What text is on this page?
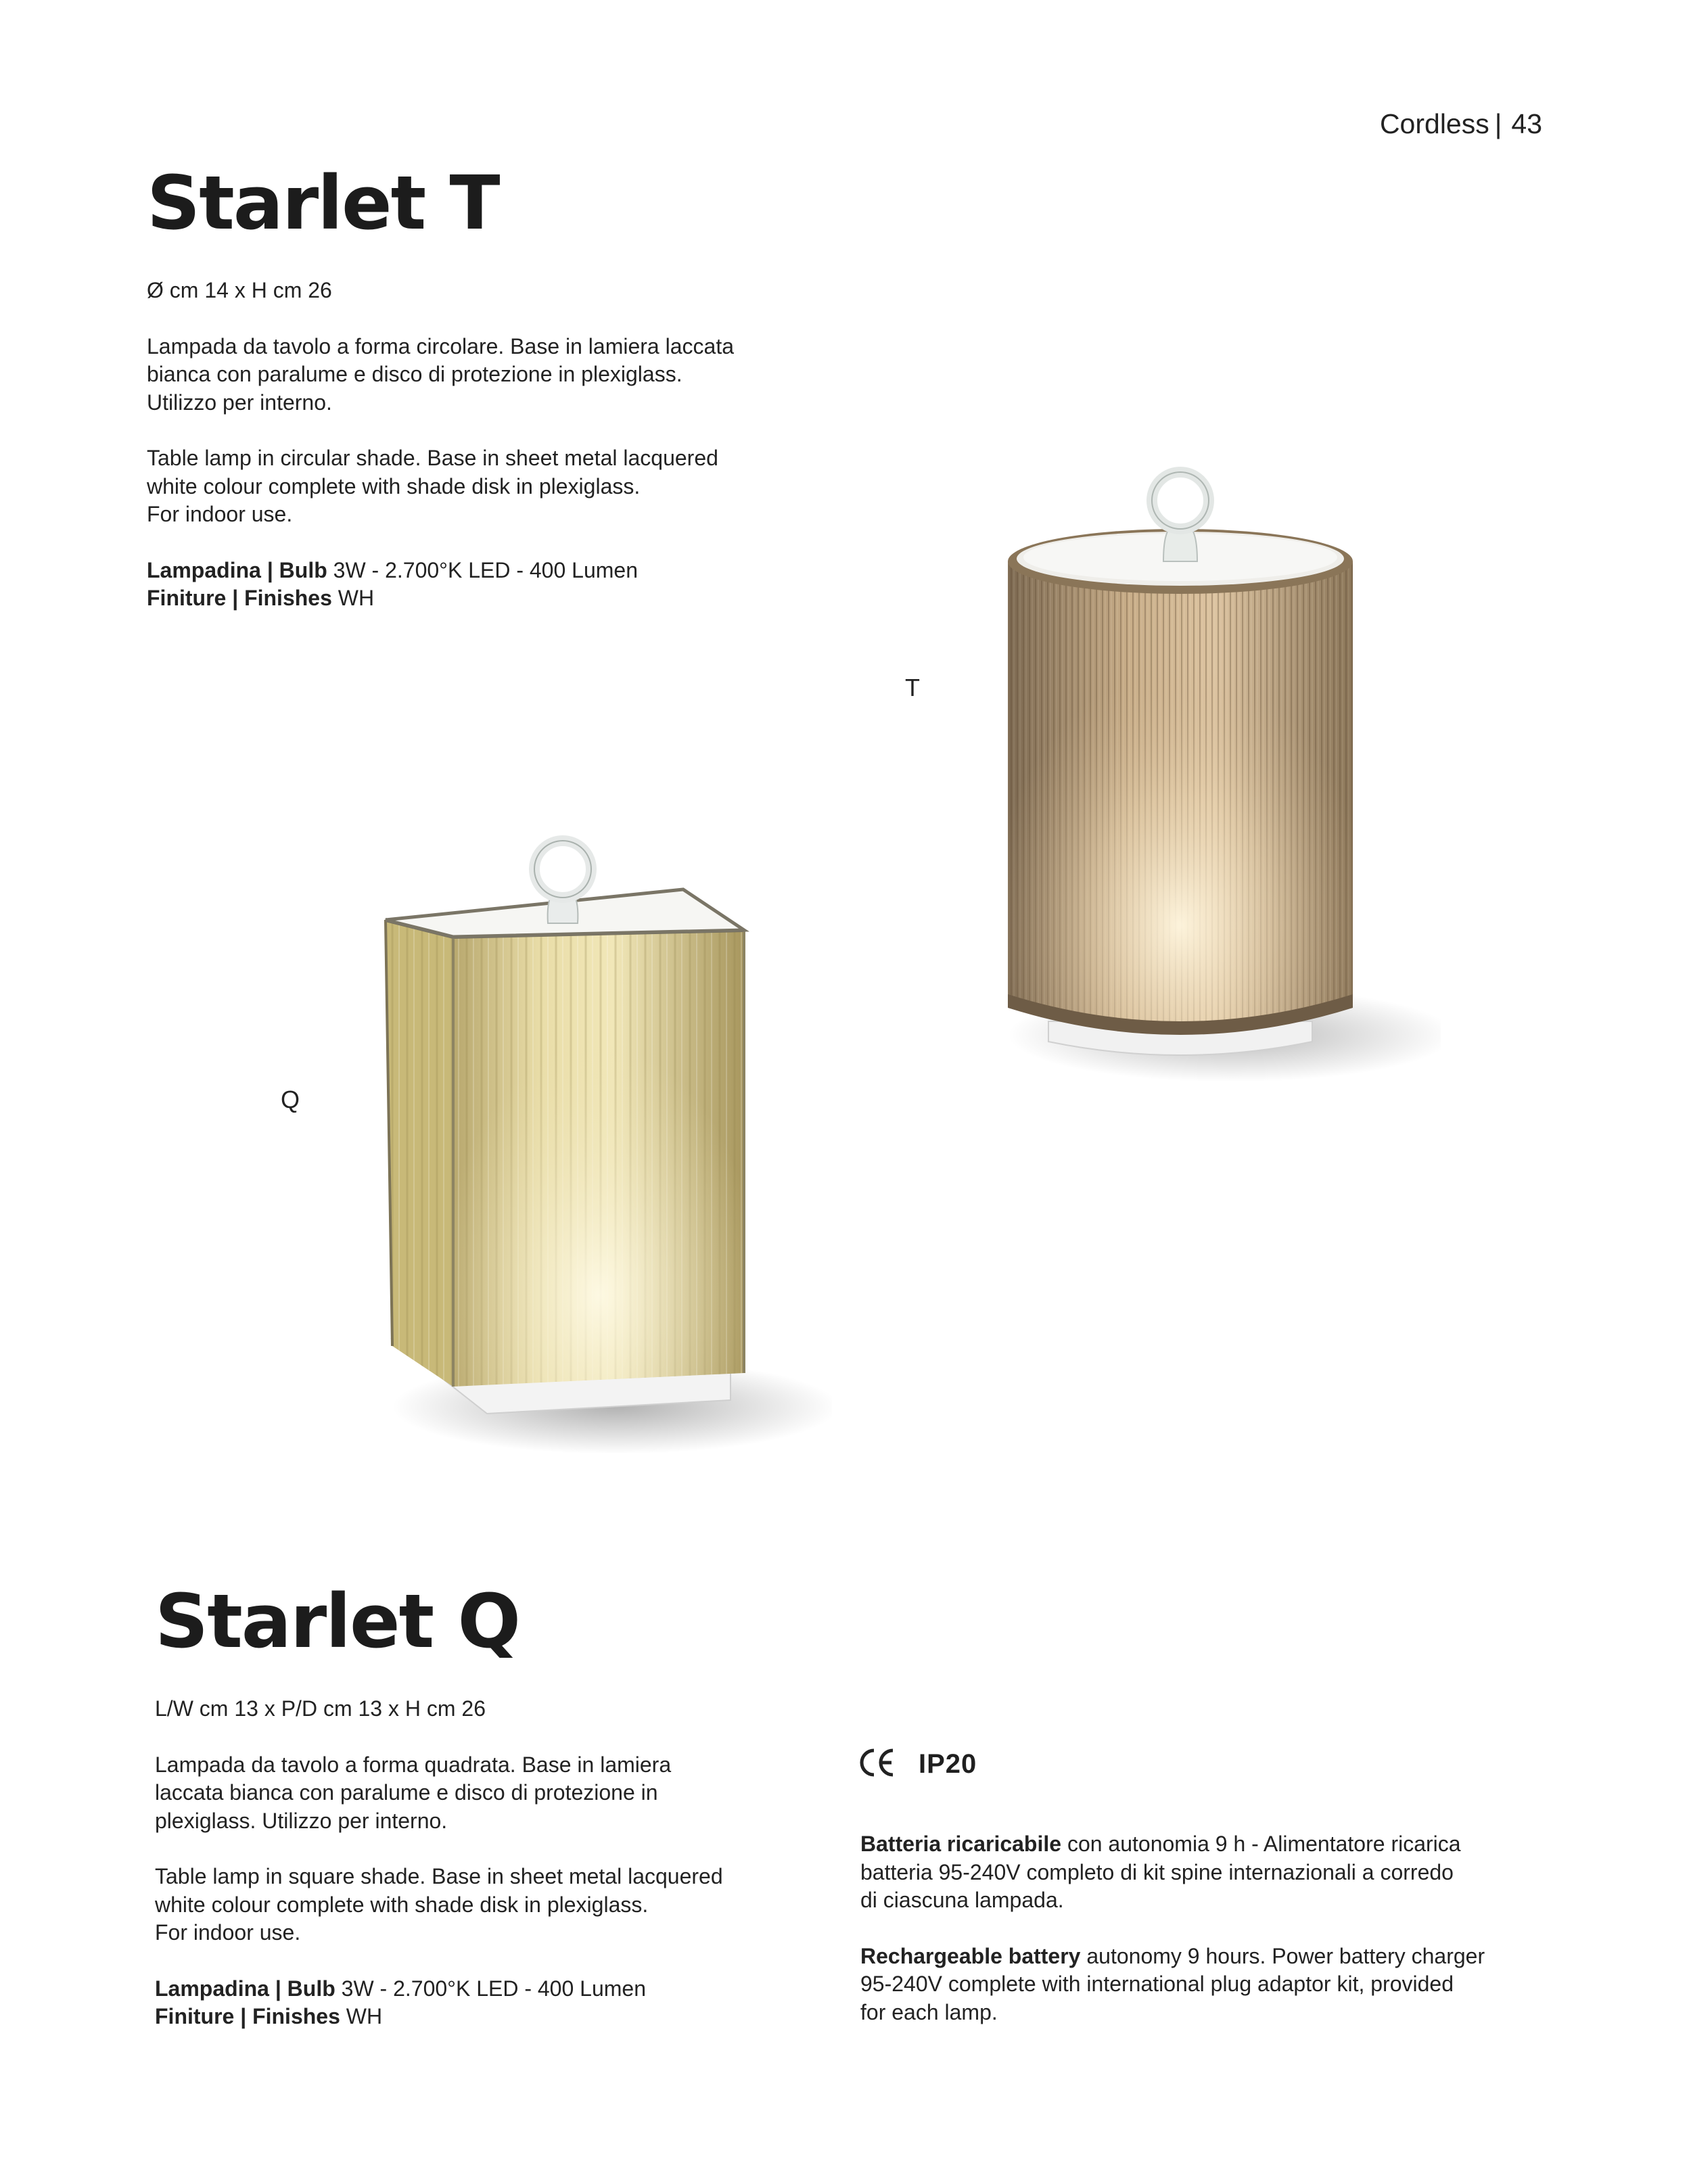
Cordless | 43
Starlet T

Ø cm 14 x H cm 26

Lampada da tavolo a forma circolare. Base in lamiera laccata

bianca con paralume e disco di protezione in plexiglass.

Utilizzo per interno.

Table lamp in circular shade. Base in sheet metal lacquered

white colour complete with shade disk in plexiglass.

For indoor use.

Lampadina | Bulb 3W - 2.700°K LED - 400 Lumen

Finiture | Finishes WH

T
Q
Starlet Q

L/W cm 13 x P/D cm 13 x H cm 26

Lampada da tavolo a forma quadrata. Base in lamiera

laccata bianca con paralume e disco di protezione in

plexiglass. Utilizzo per interno.

Table lamp in square shade. Base in sheet metal lacquered

white colour complete with shade disk in plexiglass.

For indoor use.

Lampadina | Bulb 3W - 2.700°K LED - 400 Lumen

Finiture | Finishes WH

IP20

Batteria ricaricabile con autonomia 9 h - Alimentatore ricarica

batteria 95-240V completo di kit spine internazionali a corredo

di ciascuna lampada.

Rechargeable battery autonomy 9 hours. Power battery charger

95-240V complete with international plug adaptor kit, provided

for each lamp.
